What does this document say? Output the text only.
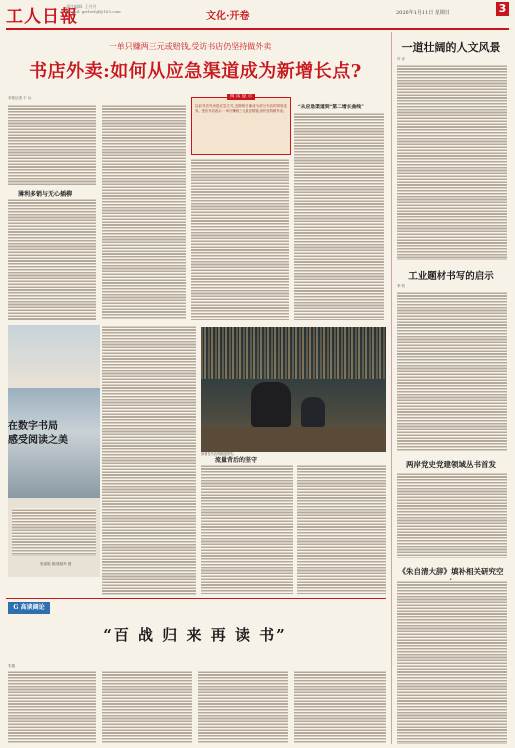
工人日報
责任编辑: 王丹丹
E-mail: grrbwhjf@163.com	文化·开卷	2026年1月11日 星期日	3
一单只赚两三元或赔钱,受访书店仍坚持做外卖
书店外卖:如何从应急渠道成为新增长点?
本报记者 于 兵
薄利多销与无心插柳
阅 读 提 示
以前书店外卖是应急方式,近期则日渐成为部分书店的常规业务。受访书店表示,一单只赚两三元甚至赔钱,但仍坚持做外卖。
“从应急渠道到“第二增长曲线”
在数字书局
感受阅读之美
张丽娟 图/姚晓军 摄
流量背后的坚守
读者在书店内挑选图书。
G 高谈阔论
“百 战 归 来 再 读 书”
朱德
一道壮阔的人文风景
许 评
工业题材书写的启示
李 杭
两岸党史党建领域丛书首发
《朱自清大辞》填补相关研究空
